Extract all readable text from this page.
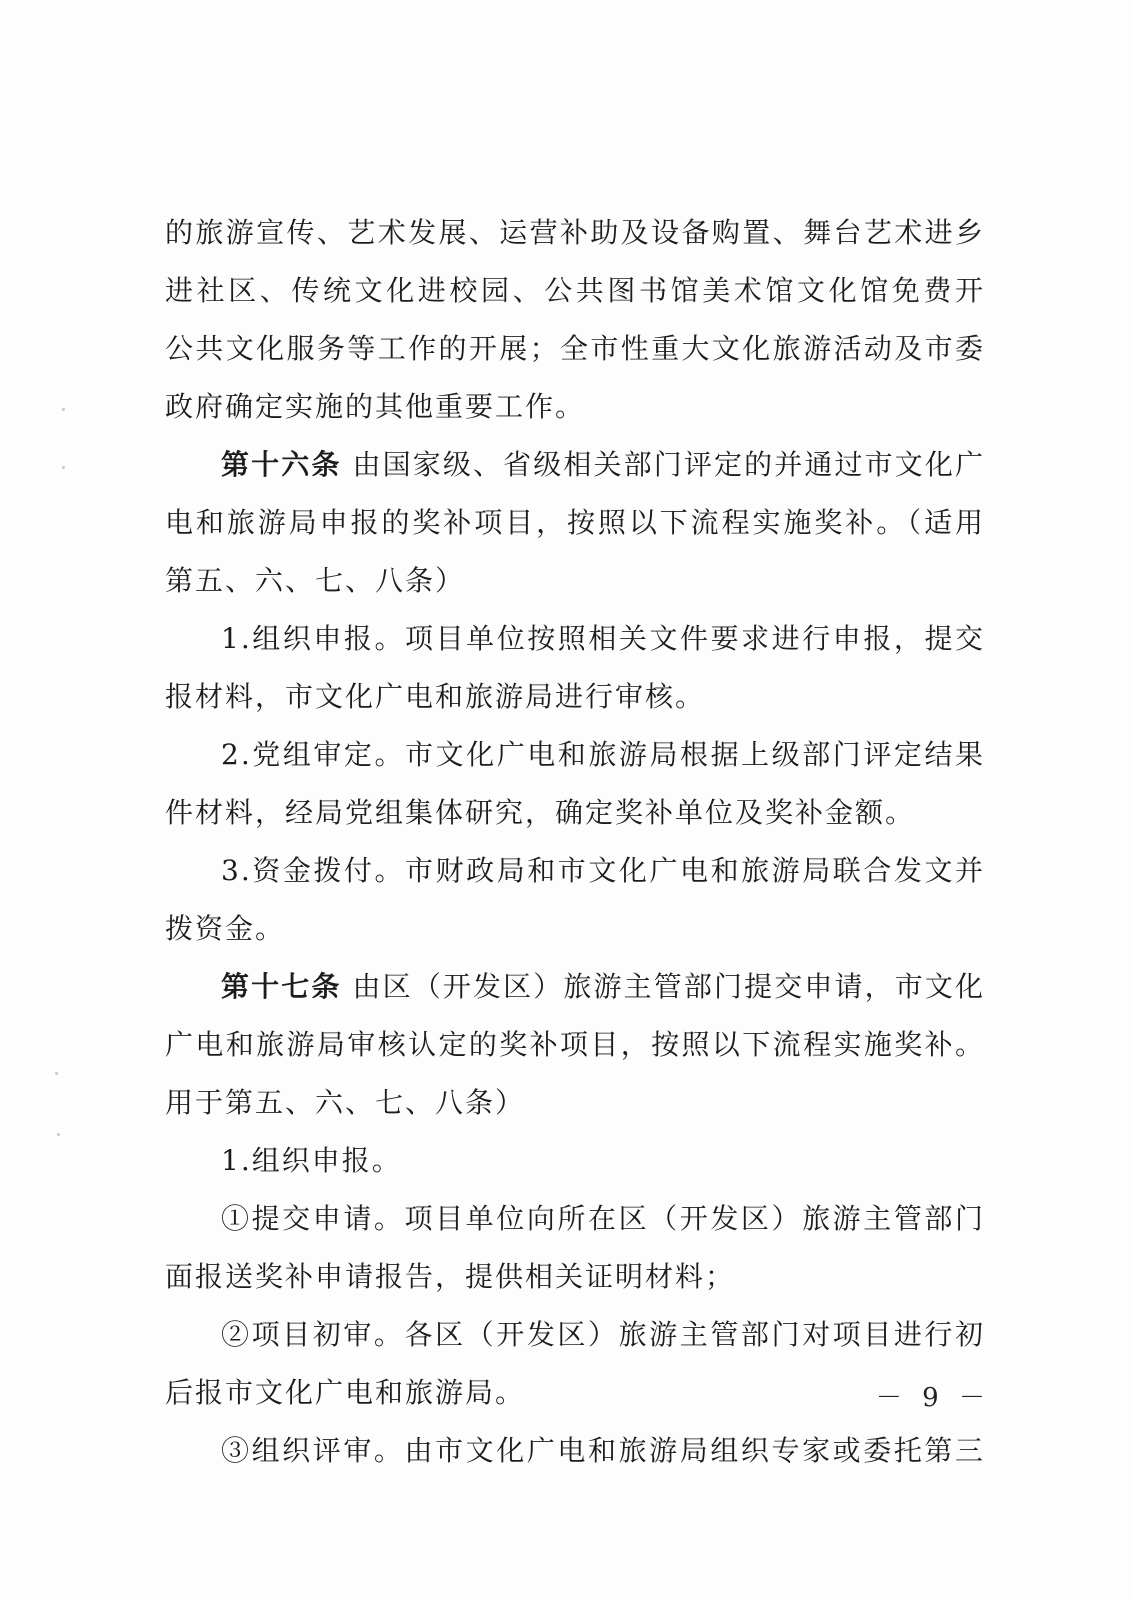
的旅游宣传、艺术发展、运营补助及设备购置、舞台艺术进乡
进社区、传统文化进校园、公共图书馆美术馆文化馆免费开
公共文化服务等工作的开展；全市性重大文化旅游活动及市委
政府确定实施的其他重要工作。
第十六条 由国家级、省级相关部门评定的并通过市文化广
电和旅游局申报的奖补项目，按照以下流程实施奖补。（适用
第五、六、七、八条）
1.组织申报。项目单位按照相关文件要求进行申报，提交
报材料，市文化广电和旅游局进行审核。
2.党组审定。市文化广电和旅游局根据上级部门评定结果
件材料，经局党组集体研究，确定奖补单位及奖补金额。
3.资金拨付。市财政局和市文化广电和旅游局联合发文并
拨资金。
第十七条 由区（开发区）旅游主管部门提交申请，市文化
广电和旅游局审核认定的奖补项目，按照以下流程实施奖补。
用于第五、六、七、八条）
1.组织申报。
①提交申请。项目单位向所在区（开发区）旅游主管部门
面报送奖补申请报告，提供相关证明材料；
②项目初审。各区（开发区）旅游主管部门对项目进行初
后报市文化广电和旅游局。
③组织评审。由市文化广电和旅游局组织专家或委托第三
－ 9 －
